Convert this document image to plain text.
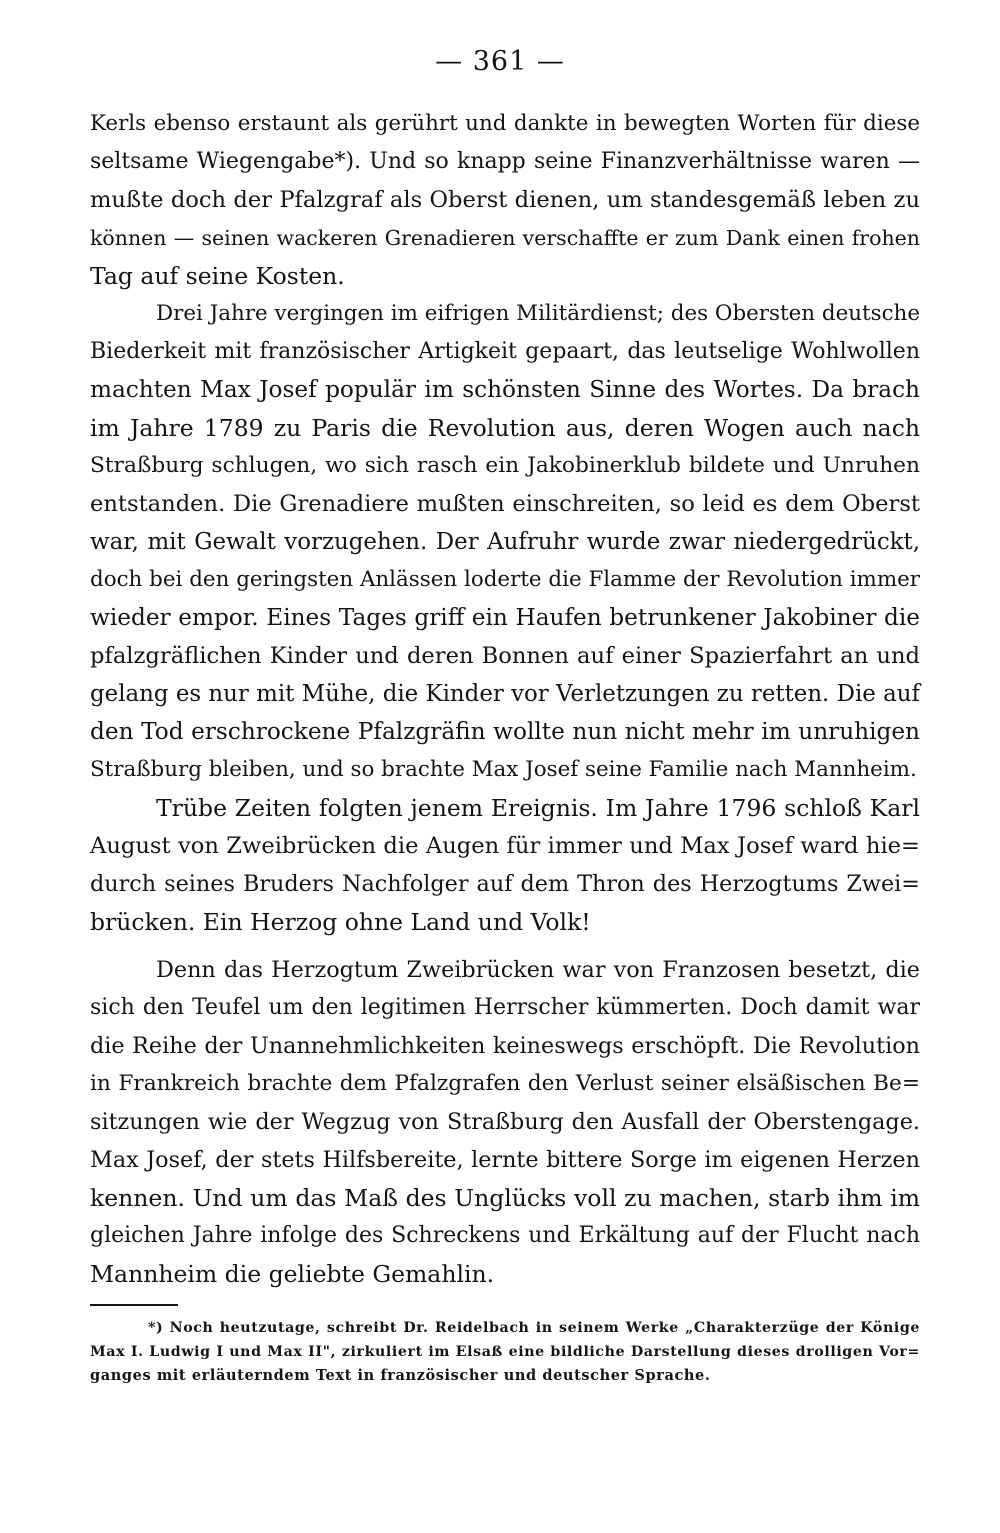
— 361 —

Kerls ebenso erstaunt als gerührt und dankte in bewegten Worten für diese

seltsame Wiegengabe*). Und so knapp seine Finanzverhältnisse waren —

mußte doch der Pfalzgraf als Oberst dienen, um standesgemäß leben zu

können — seinen wackeren Grenadieren verschaffte er zum Dank einen frohen

Tag auf seine Kosten.

Drei Jahre vergingen im eifrigen Militärdienst; des Obersten deutsche

Biederkeit mit französischer Artigkeit gepaart, das leutselige Wohlwollen

machten Max Josef populär im schönsten Sinne des Wortes. Da brach

im Jahre 1789 zu Paris die Revolution aus, deren Wogen auch nach

Straßburg schlugen, wo sich rasch ein Jakobinerklub bildete und Unruhen

entstanden. Die Grenadiere mußten einschreiten, so leid es dem Oberst

war, mit Gewalt vorzugehen. Der Aufruhr wurde zwar niedergedrückt,

doch bei den geringsten Anlässen loderte die Flamme der Revolution immer

wieder empor. Eines Tages griff ein Haufen betrunkener Jakobiner die

pfalzgräflichen Kinder und deren Bonnen auf einer Spazierfahrt an und

gelang es nur mit Mühe, die Kinder vor Verletzungen zu retten. Die auf

den Tod erschrockene Pfalzgräfin wollte nun nicht mehr im unruhigen

Straßburg bleiben, und so brachte Max Josef seine Familie nach Mannheim.

Trübe Zeiten folgten jenem Ereignis. Im Jahre 1796 schloß Karl

August von Zweibrücken die Augen für immer und Max Josef ward hie=

durch seines Bruders Nachfolger auf dem Thron des Herzogtums Zwei=

brücken. Ein Herzog ohne Land und Volk!

Denn das Herzogtum Zweibrücken war von Franzosen besetzt, die

sich den Teufel um den legitimen Herrscher kümmerten. Doch damit war

die Reihe der Unannehmlichkeiten keineswegs erschöpft. Die Revolution

in Frankreich brachte dem Pfalzgrafen den Verlust seiner elsäßischen Be=

sitzungen wie der Wegzug von Straßburg den Ausfall der Oberstengage.

Max Josef, der stets Hilfsbereite, lernte bittere Sorge im eigenen Herzen

kennen. Und um das Maß des Unglücks voll zu machen, starb ihm im

gleichen Jahre infolge des Schreckens und Erkältung auf der Flucht nach

Mannheim die geliebte Gemahlin.

*) Noch heutzutage, schreibt Dr. Reidelbach in seinem Werke „Charakterzüge der Könige

Max I. Ludwig I und Max II", zirkuliert im Elsaß eine bildliche Darstellung dieses drolligen Vor=

ganges mit erläuterndem Text in französischer und deutscher Sprache.
